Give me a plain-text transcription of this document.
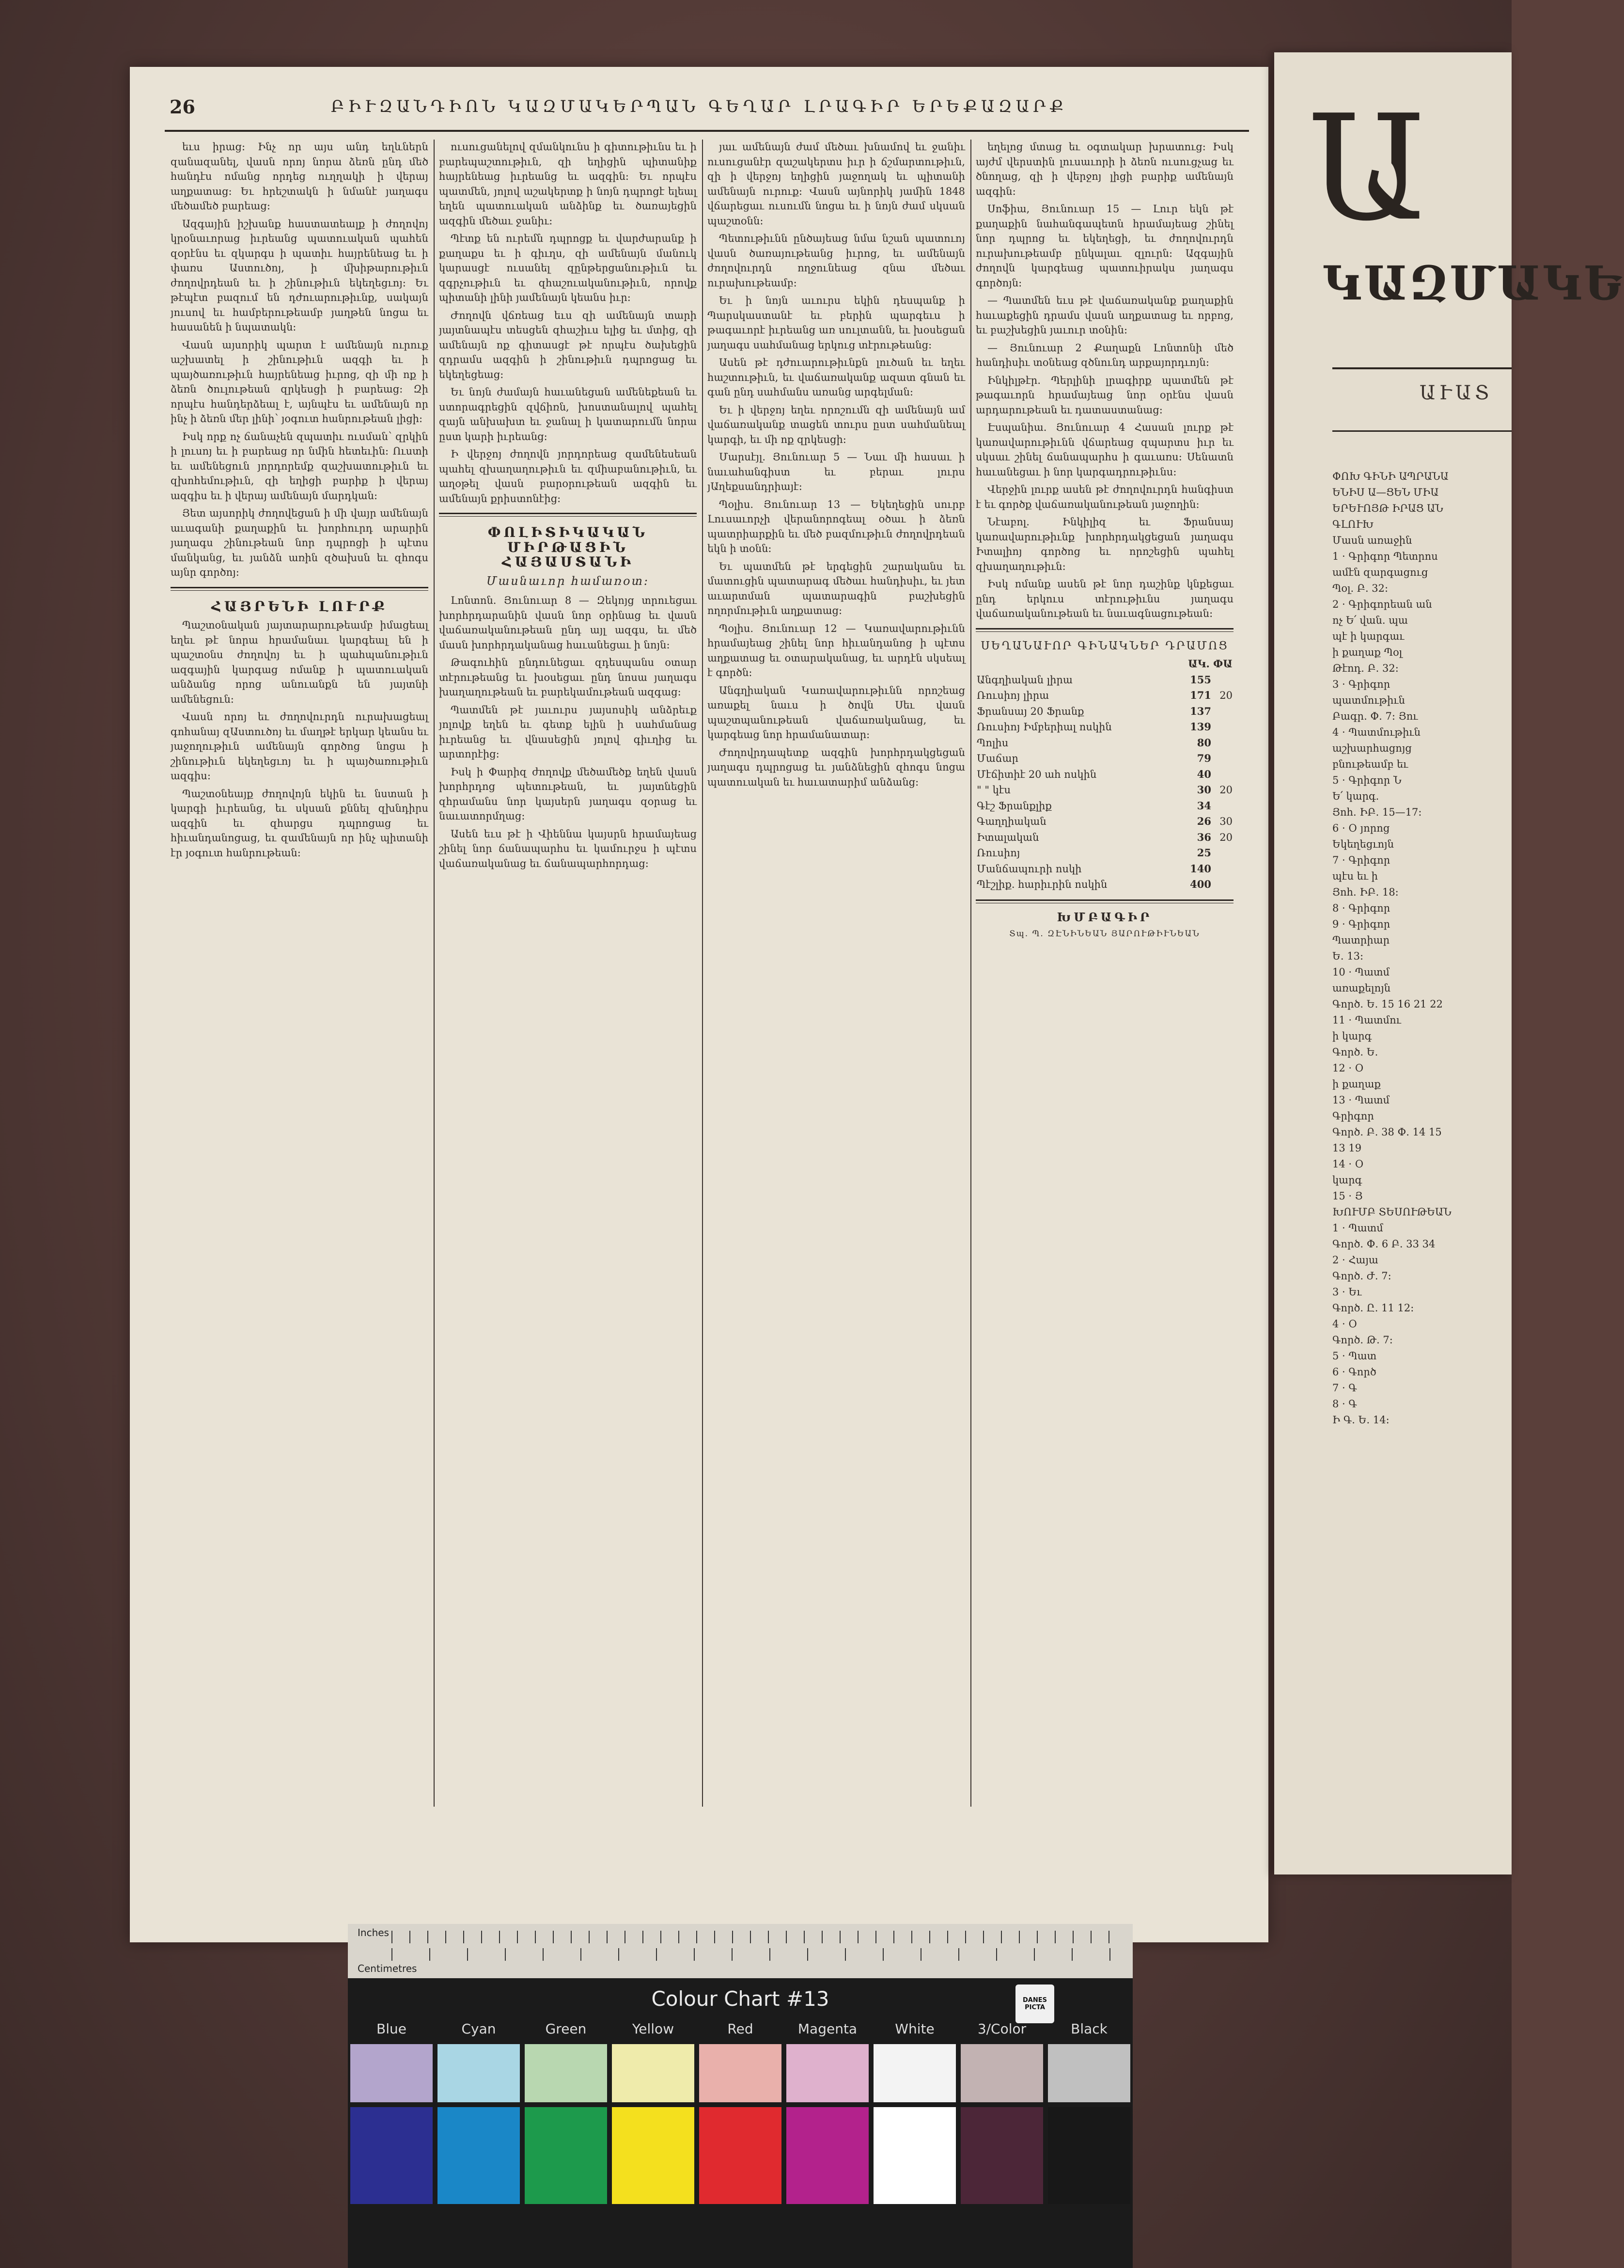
26	ԲԻՒԶԱՆԴԻՈՆ ԿԱԶՄԱԿԵՐՊԱՆ ԳԵՂԱՐ ԼՐԱԳԻՐ ԵՐԵՔԱԶԱՐՔ

եւս իրաց։ Ինչ որ այս անդ եղևներն զանազանել, վասն որոյ նորա ձեռն ընդ մեծ հանդէս ոմանց որդեց ուղղակի ի վերայ աղքատաց։ Եւ հրեշտակն ի նմանէ յաղագս մեծամեծ բարեաց։

Ազգային իշխանք հաստատեալք ի ժողովոյ կրօնաւորաց իւրեանց պատուական պահեն զօրէնս եւ զկարգս ի պատիւ հայրենեաց եւ ի փառս Աստուծոյ, ի մխիթարութիւն ժողովրդեան եւ ի շինութիւն եկեղեցւոյ։ Եւ թէպէտ բազում են դժուարութիւնք, սակայն յուսով եւ համբերութեամբ յաղթեն նոցա եւ հասանեն ի նպատակն։

Վասն այսորիկ պարտ է ամենայն ուրուք աշխատել ի շինութիւն ազգի եւ ի պայծառութիւն հայրենեաց իւրոց, զի մի ոք ի ձեռն ծուլութեան զրկեսցի ի բարեաց։ Զի որպէս հանդերձեալ է, այնպէս եւ ամենայն որ ինչ ի ձեռն մեր լինի՝ յօգուտ հանրութեան լիցի։

Իսկ որք ոչ ճանաչեն զպատիւ ուսման՝ զրկին ի լուսոյ եւ ի բարեաց որ նմին հետեւին։ Ուստի եւ ամենեցուն յորդորեմք զաշխատութիւն եւ զխոհեմութիւն, զի եղիցի բարիք ի վերայ ազգիս եւ ի վերայ ամենայն մարդկան։

Յետ այսորիկ ժողովեցան ի մի վայր ամենայն աւագանի քաղաքին եւ խորհուրդ արարին յաղագս շինութեան նոր դպրոցի ի պէտս մանկանց, եւ յանձն առին զծախսն եւ զհոգս այնր գործոյ։

ՀԱՅՐԵՆԻ ԼՈՒՐՔ

Պաշտօնական յայտարարութեամբ իմացեալ եղեւ թէ նորա հրամանաւ կարգեալ են ի պաշտօնս ժողովոյ եւ ի պահպանութիւն ազգային կարգաց ոմանք ի պատուական անձանց որոց անուանքն են յայտնի ամենեցուն։

Վասն որոյ եւ ժողովուրդն ուրախացեալ գոհանայ զԱստուծոյ եւ մաղթէ երկար կեանս եւ յաջողութիւն ամենայն գործոց նոցա ի շինութիւն եկեղեցւոյ եւ ի պայծառութիւն ազգիս։

Պաշտօնեայք ժողովոյն եկին եւ նստան ի կարգի իւրեանց, եւ սկսան քննել զխնդիրս ազգին եւ զհարցս դպրոցաց եւ հիւանդանոցաց, եւ զամենայն որ ինչ պիտանի էր յօգուտ հանրութեան։

ուսուցանելով զմանկունս ի գիտութիւնս եւ ի բարեպաշտութիւն, զի եղիցին պիտանիք հայրենեաց իւրեանց եւ ազգին։ Եւ որպէս պատմեն, յոլով աշակերտք ի նոյն դպրոցէ ելեալ եղեն պատուական անձինք եւ ծառայեցին ազգին մեծաւ ջանիւ։

Պէտք են ուրեմն դպրոցք եւ վարժարանք ի քաղաքս եւ ի գիւղս, զի ամենայն մանուկ կարասցէ ուսանել զընթերցանութիւն եւ զգրչութիւն եւ զհաշուականութիւն, որովք պիտանի լինի յամենայն կեանս իւր։

Ժողովն վճռեաց եւս զի ամենայն տարի յայտնապէս տեսցեն զհաշիւս ելից եւ մտից, զի ամենայն ոք գիտասցէ թէ որպէս ծախեցին զդրամս ազգին ի շինութիւն դպրոցաց եւ եկեղեցեաց։

Եւ նոյն ժամայն հաւանեցան ամենեքեան եւ ստորագրեցին զվճիռն, խոստանալով պահել զայն անխախտ եւ ջանալ ի կատարումն նորա ըստ կարի իւրեանց։

Ի վերջոյ ժողովն յորդորեաց զամենեսեան պահել զխաղաղութիւն եւ զմիաբանութիւն, եւ աղօթել վասն բարօրութեան ազգին եւ ամենայն քրիստոնէից։

ՓՈԼԻՏԻԿԱԿԱՆ ՄԻՐԹԱՑԻՆ ՀԱՅԱՍՏԱՆԻ
Մասնաւոր համառօտ։

Լոնտոն. Յունուար 8 — Զեկոյց տրուեցաւ խորհրդարանին վասն նոր օրինաց եւ վասն վաճառականութեան ընդ այլ ազգս, եւ մեծ մասն խորհրդականաց հաւանեցաւ ի նոյն։

Թագուհին ընդունեցաւ զդեսպանս օտար տէրութեանց եւ խօսեցաւ ընդ նոսա յաղագս խաղաղութեան եւ բարեկամութեան ազգաց։

Պատմեն թէ յաւուրս յայսոսիկ անձրեւք յոլովք եղեն եւ գետք ելին ի սահմանաց իւրեանց եւ վնասեցին յոլով գիւղից եւ արտորէից։

Իսկ ի Փարիզ ժողովք մեծամեծք եղեն վասն խորհրդոց պետութեան, եւ յայտնեցին զհրամանս նոր կայսերն յաղագս զօրաց եւ նաւատորմղաց։

Ասեն եւս թէ ի Վիեննա կայսրն հրամայեաց շինել նոր ճանապարհս եւ կամուրջս ի պէտս վաճառականաց եւ ճանապարհորդաց։

յաւ ամենայն ժամ մեծաւ խնամով եւ ջանիւ ուսուցանէր զաշակերտս իւր ի ճշմարտութիւն, զի ի վերջոյ եղիցին յաջողակ եւ պիտանի ամենայն ուրուք։ Վասն այնորիկ յամին 1848 վճարեցաւ ուսումն նոցա եւ ի նոյն ժամ սկսան պաշտօնն։

Պետութիւնն ընծայեաց նմա նշան պատուոյ վասն ծառայութեանց իւրոց, եւ ամենայն ժողովուրդն ողջունեաց զնա մեծաւ ուրախութեամբ։

Եւ ի նոյն աւուրս եկին դեսպանք ի Պարսկաստանէ եւ բերին պարգեւս ի թագաւորէ իւրեանց առ սուլտանն, եւ խօսեցան յաղագս սահմանաց երկուց տէրութեանց։

Ասեն թէ դժուարութիւնքն լուծան եւ եղեւ հաշտութիւն, եւ վաճառականք ազատ գնան եւ գան ընդ սահմանս առանց արգելման։

Եւ ի վերջոյ եղեւ որոշումն զի ամենայն ամ վաճառականք տացեն տուրս ըստ սահմանեալ կարգի, եւ մի ոք զրկեսցի։

Մարսէյլ. Յունուար 5 — Նաւ մի հասաւ ի նաւահանգիստ եւ բերաւ լուրս յԱղեքսանդրիայէ։

Պօլիս. Յունուար 13 — Եկեղեցին սուրբ Լուսաւորչի վերանորոգեալ օծաւ ի ձեռն պատրիարքին եւ մեծ բազմութիւն ժողովրդեան եկն ի տօնն։

Եւ պատմեն թէ երգեցին շարականս եւ մատուցին պատարագ մեծաւ հանդիսիւ, եւ յետ աւարտման պատարագին բաշխեցին ողորմութիւն աղքատաց։

Պօլիս. Յունուար 12 — Կառավարութիւնն հրամայեաց շինել նոր հիւանդանոց ի պէտս աղքատաց եւ օտարականաց, եւ արդէն սկսեալ է գործն։

Անգղիական Կառավարութիւնն որոշեաց առաքել նաւս ի ծովն Սեւ վասն պաշտպանութեան վաճառականաց, եւ կարգեաց նոր հրամանատար։

Ժողովրդապետք ազգին խորհրդակցեցան յաղագս դպրոցաց եւ յանձնեցին զհոգս նոցա պատուական եւ հաւատարիմ անձանց։

եղելոց մտաց եւ օգտակար խրատուց։ Իսկ այժմ վերստին լուսաւորի ի ձեռն ուսուցչաց եւ ծնողաց, զի ի վերջոյ լիցի բարիք ամենայն ազգին։

Սոֆիա, Յունուար 15 — Լուր եկն թէ քաղաքին նահանգապետն հրամայեաց շինել նոր դպրոց եւ եկեղեցի, եւ ժողովուրդն ուրախութեամբ ընկալաւ զլուրն։ Ազգային ժողովն կարգեաց պատուիրակս յաղագս գործոյն։

— Պատմեն եւս թէ վաճառականք քաղաքին հաւաքեցին դրամս վասն աղքատաց եւ որբոց, եւ բաշխեցին յաւուր տօնին։

— Յունուար 2 Քաղաքն Լոնտոնի մեծ հանդիսիւ տօնեաց զծնունդ արքայորդւոյն։

Ինկիլթէր. Պերլինի լրագիրք պատմեն թէ թագաւորն հրամայեաց նոր օրէնս վասն արդարութեան եւ դատաստանաց։

Էսպանիա. Յունուար 4 Հասան լուրք թէ կառավարութիւնն վճարեաց զպարտս իւր եւ սկսաւ շինել ճանապարհս ի գաւառս։ Սենատն հաւանեցաւ ի նոր կարգադրութիւնս։

Վերջին լուրք ասեն թէ ժողովուրդն հանգիստ է եւ գործք վաճառականութեան յաջողին։

Նէաբոլ. Ինկիլիզ եւ Ֆրանսայ կառավարութիւնք խորհրդակցեցան յաղագս Իտալիոյ գործոց եւ որոշեցին պահել զխաղաղութիւն։

Իսկ ոմանք ասեն թէ նոր դաշինք կնքեցաւ ընդ երկուս տէրութիւնս յաղագս վաճառականութեան եւ նաւագնացութեան։

ՍԵՂԱՆԱՒՈՐ ԳԻՆԱԿՆԵՐ ԴՐԱՄՈՑ
	ԱԿ. ՓԱ	
Անգղիական լիրա	155	
Ռուսիոյ լիրա	171	20
Ֆրանսայ 20 Ֆրանք	137	
Ռուսիոյ Իմբերիալ ոսկին	139	
Պոլիս	80	
Մաճար	79	
Մէճիտիէ 20 ահ ոսկին	40	
" " կէս	30	20
Գէշ Ֆրանքլիք	34	
Գաղղիական	26	30
Իտալական	36	20
Ռուսիոյ	25	
Մանճապուրի ոսկի	140	
Պէշլիք. հարիւրին ոսկին	400	
ԽՄԲԱԳԻՐ
Տպ. Պ. ԶԷՆԻՆԵԱՆ ՅԱՐՈՒԹԻՒՆԵԱՆ
Ա
ԿԱԶՄԱԿԵ
ԱՒԱՏ
ՓՈԽ ԳԻՆԻ ԱՊՐԱՆԱ
ԵՆԻՍ Ա—ՑԵՆ ՄԻԱ
ԵՐԵՒՈՅԹ ԻՐԱՑ ԱՆ
ԳԼՈՒԽ
Մասն առաջին
1 · Գրիգոր Պետրոս
ամէն զարգացուց
Պօլ. Բ. 32։
2 · Գրիգորեան ան
ոչ Ե՛ վան. պա
պէ ի կարգաւ
ի քաղաք Պօլ
Թէոդ. Բ. 32։
3 · Գրիգոր
պատմութիւն
Բագր. Փ. 7։ Յու
4 · Պատմութիւն
աշխարհացոյց
բնութեամբ եւ
5 · Գրիգոր Ն
Ե՛ կարգ.
Յոհ. ԻԲ. 15—17։
6 · Օ յորոց
Եկեղեցւոյն
7 · Գրիգոր
պէս եւ ի
Յոհ. ԻԲ. 18։
8 · Գրիգոր
9 · Գրիգոր
Պատրիար
Ե. 13։
10 · Պատմ
առաքելոյն
Գործ. Ե. 15 16 21 22
11 · Պատմու
ի կարգ
Գործ. Ե.
12 · Օ
ի քաղաք
13 · Պատմ
Գրիգոր
Գործ. Բ. 38 Փ. 14 15
13 19
14 · Օ
կարգ
15 · Յ
ԽՈՒՄԲ ՏԵՍՈՒԹԵԱՆ
1 · Պատմ
Գործ. Փ. 6 Բ. 33 34
2 · Հայա
Գործ. Ժ. 7։
3 · Եւ
Գործ. Ը. 11 12։
4 · Օ
Գործ. Թ. 7։
5 · Պատ
6 · Գործ
7 · Գ
8 · Գ
Ի Գ. Ե. 14։
Inches
Centimetres
Colour Chart #13	DANES PICTA
Blue	Cyan	Green	Yellow	Red	Magenta	White	3/Color	Black
